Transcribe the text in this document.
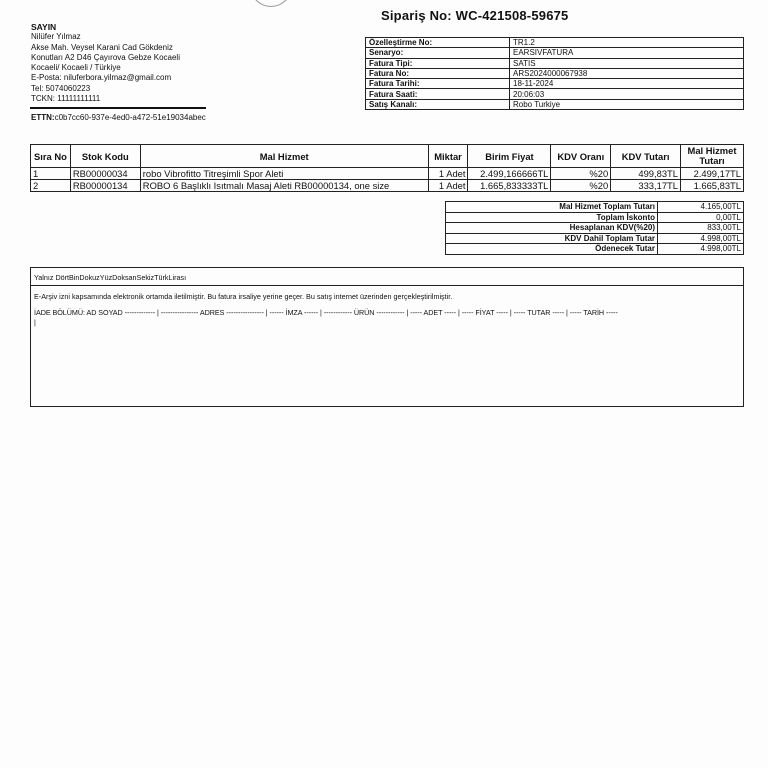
Sipariş No: WC-421508-59675
SAYIN
Nilüfer Yılmaz
Akse Mah. Veysel Karani Cad Gökdeniz
Konutları A2 D46 Çayırova Gebze Kocaeli
Kocaeli/ Kocaeli / Türkiye
E-Posta: niluferbora.yilmaz@gmail.com
Tel: 5074060223
TCKN: 11111111111
ETTN:c0b7cc60-937e-4ed0-a472-51e19034abec
Özelleştirme No:	TR1.2
Senaryo:	EARSIVFATURA
Fatura Tipi:	SATIS
Fatura No:	ARS2024000067938
Fatura Tarihi:	18-11-2024
Fatura Saati:	20:06:03
Satış Kanalı:	Robo Turkiye
Sıra No	Stok Kodu	Mal Hizmet	Miktar	Birim Fiyat	KDV Oranı	KDV Tutarı	Mal Hizmet Tutarı
1	RB00000034	robo Vibrofitto Titreşimli Spor Aleti	1 Adet	2.499,166666TL	%20	499,83TL	2.499,17TL
2	RB00000134	ROBO 6 Başlıklı Isıtmalı Masaj Aleti RB00000134, one size	1 Adet	1.665,833333TL	%20	333,17TL	1.665,83TL
Mal Hizmet Toplam Tutarı	4.165,00TL
Toplam İskonto	0,00TL
Hesaplanan KDV(%20)	833,00TL
KDV Dahil Toplam Tutar	4.998,00TL
Ödenecek Tutar	4.998,00TL
Yalnız DörtBinDokuzYüzDoksanSekizTürkLirası
E-Arşiv izni kapsamında elektronik ortamda iletilmiştir. Bu fatura irsaliye yerine geçer. Bu satış internet üzerinden gerçekleştirilmiştir.
İADE BÖLÜMÜ: AD SOYAD ------------- | ---------------- ADRES ---------------- | ------ İMZA ------ | ------------ ÜRÜN ------------ | ----- ADET ----- | ----- FİYAT ----- | ----- TUTAR ----- | ----- TARİH -----
|
